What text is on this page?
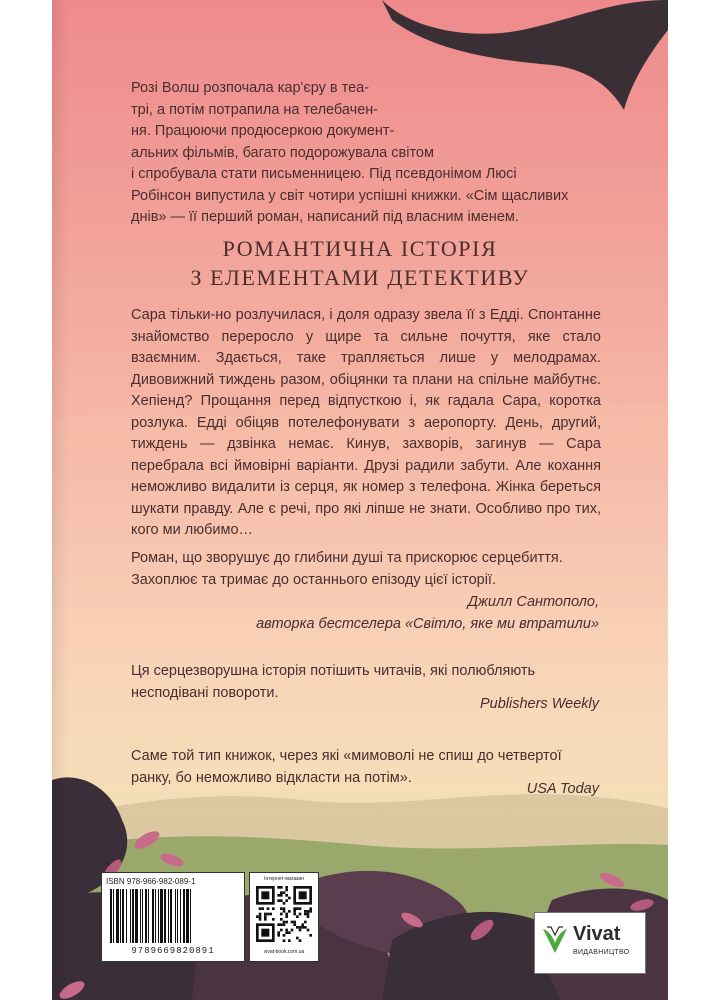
Розі Волш розпочала кар'єру в теа-

трі, а потім потрапила на телебачен-

ня. Працюючи продюсеркою документ-

альних фільмів, багато подорожувала світом

і спробувала стати письменницею. Під псевдонімом Люсі

Робінсон випустила у світ чотири успішні книжки. «Сім щасливих

днів» — її перший роман, написаний під власним іменем.

РОМАНТИЧНА ІСТОРІЯ
З ЕЛЕМЕНТАМИ ДЕТЕКТИВУ

Сара тільки-но розлучилася, і доля одразу звела її з Едді. Спонтанне знайомство переросло у щире та сильне почуття, яке стало взаємним. Здається, таке трапляється лише у мелодрамах. Дивовижний тиждень разом, обіцянки та плани на спільне майбутнє. Хепіенд? Прощання перед відпусткою і, як гадала Сара, коротка розлука. Едді обіцяв потелефонувати з аеропорту. День, другий, тиждень — дзвінка немає. Кинув, захворів, загинув — Сара перебрала всі ймовірні варіанти. Друзі радили забути. Але кохання неможливо видалити із серця, як номер з телефона. Жінка береться шукати правду. Але є речі, про які ліпше не знати. Особливо про тих, кого ми любимо…

Роман, що зворушує до глибини душі та прискорює серцебиття.

Захоплює та тримає до останнього епізоду цієї історії.

Джилл Сантополо,
авторка бестселера «Світло, яке ми втратили»

Ця серцезворушна історія потішить читачів, які полюбляють

несподівані повороти.

Publishers Weekly

Саме той тип книжок, через які «мимоволі не спиш до четвертої

ранку, бо неможливо відкласти на потім».

USA Today
ISBN 978-966-982-089-1
9789669820891
Інтернет-магазин
vivat-book.com.ua
Vivat
ВИДАВНИЦТВО
